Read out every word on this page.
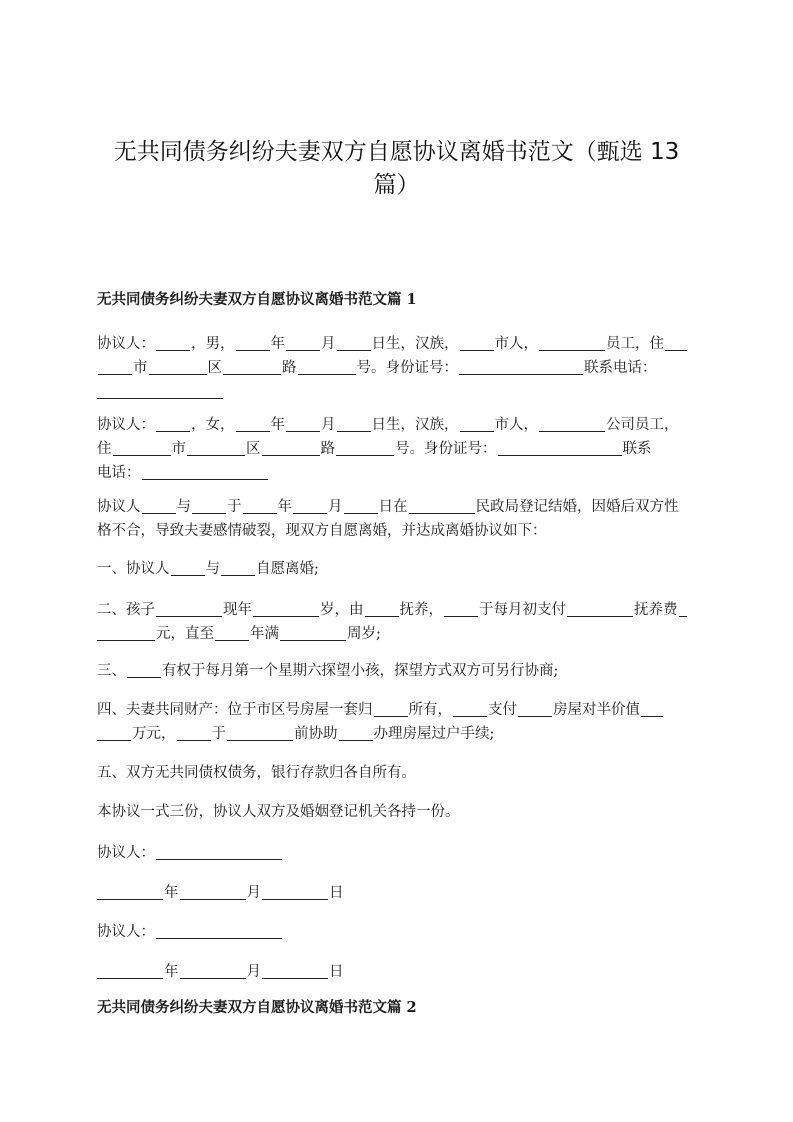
无共同债务纠纷夫妻双方自愿协议离婚书范文（甄选 13
篇）
无共同债务纠纷夫妻双方自愿协议离婚书范文篇 1

协议人： ，男， 年 月 日生，汉族， 市人，	员工，住
市	区	路	号。身份证号：	联系电话：

协议人： ，女， 年 月 日生，汉族， 市人，	公司员工，
住	市	区	路	号。身份证号：	联系
电话：

协议人 与 于 年 月 日在	民政局登记结婚，因婚后双方性
格不合，导致夫妻感情破裂，现双方自愿离婚，并达成离婚协议如下：

一、协议人 与 自愿离婚;

二、孩子	现年	岁，由 抚养， 于每月初支付	抚养费
元，直至 年满	周岁;

三、 有权于每月第一个星期六探望小孩，探望方式双方可另行协商;

四、夫妻共同财产：位于市区号房屋一套归 所有， 支付 房屋对半价值
万元， 于	前协助 办理房屋过户手续;

五、双方无共同债权债务，银行存款归各自所有。

本协议一式三份，协议人双方及婚姻登记机关各持一份。

协议人：

年	月	日

协议人：

年	月	日

无共同债务纠纷夫妻双方自愿协议离婚书范文篇 2
